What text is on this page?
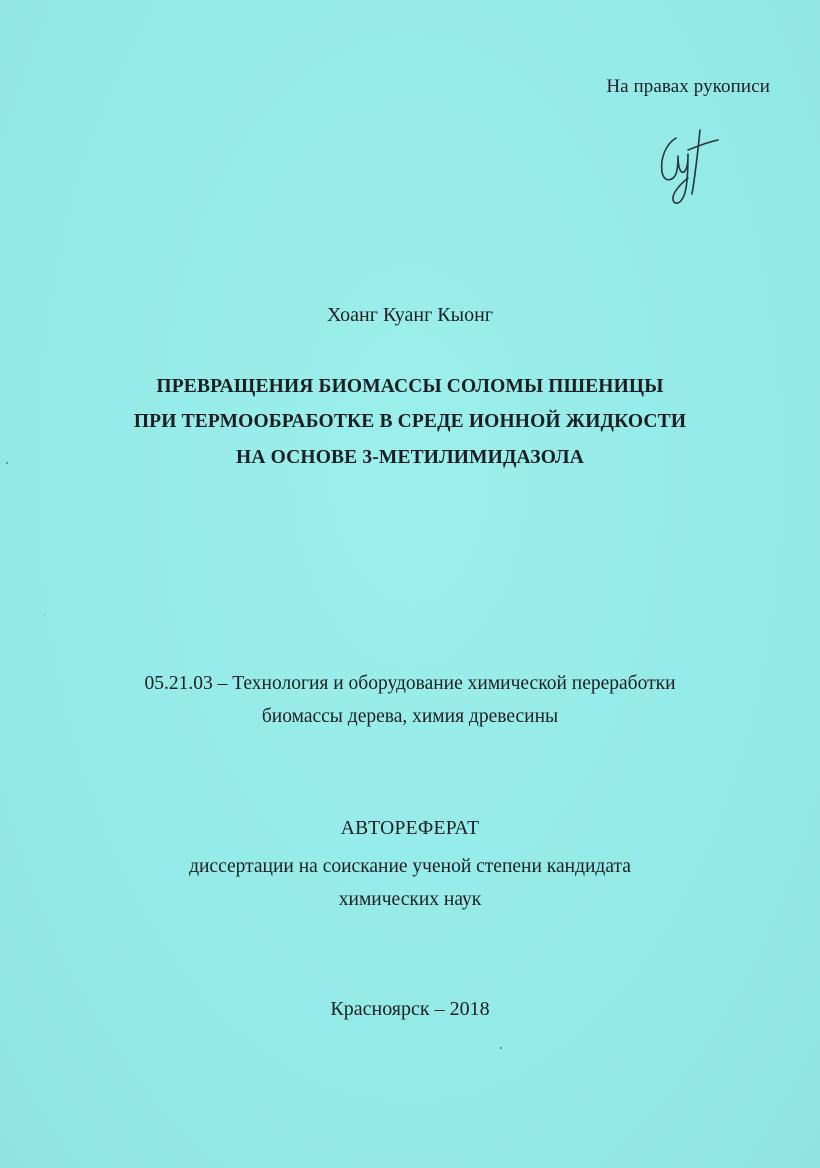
На правах рукописи
Хоанг Куанг Кыонг
ПРЕВРАЩЕНИЯ БИОМАССЫ СОЛОМЫ ПШЕНИЦЫ
ПРИ ТЕРМООБРАБОТКЕ В СРЕДЕ ИОННОЙ ЖИДКОСТИ
НА ОСНОВЕ 3-МЕТИЛИМИДАЗОЛА
05.21.03 – Технология и оборудование химической переработки
биомассы дерева, химия древесины
АВТОРЕФЕРАТ
диссертации на соискание ученой степени кандидата
химических наук
Красноярск – 2018
